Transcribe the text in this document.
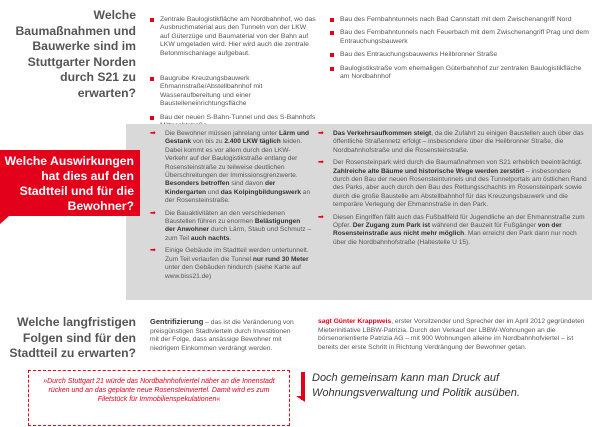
Welche Baumaßnahmen und Bauwerke sind im Stuttgarter Norden durch S21 zu erwarten?
Zentrale Baulogistikfläche am Nordbahnhof, wo das Ausbruchmaterial aus den Tunneln von der LKW auf Güterzüge und Baumaterial von der Bahn auf LKW umgeladen wird. Hier wird auch die zentrale Betonmischanlage aufgebaut.
Baugrube Kreuzungsbauwerk Ehmannstraße/Abstellbahnhof mit Wasseraufbereitung und einer Baustelleneinrichtungsfläche
Bau der neuen S-Bahn-Tunnel und des S-Bahnhofs
Bau des Fernbahntunnels nach Bad Cannstatt mit dem Zwischenangriff Nord
Bau des Fernbahntunnels nach Feuerbach mit dem Zwischenangriff Prag und dem Entrauchungsbauwerk
Bau des Entrauchungsbauwerks Heilbronner Straße
Baulogistikstraße vom ehemaligen Güterbahnhof zur zentralen Baulogistikfläche am Nordbahnhof
Welche Auswirkungen hat dies auf den Stadtteil und für die Bewohner?
➡	Die Bewohner müssen jahrelang unter Lärm und Gestank von bis zu 2.400 LKW täglich leiden. Dabei kommt es vor allem durch den LKW-Verkehr auf der Baulogistikstraße entlang der Rosensteinstraße zu teilweise deutlichen Überschreitungen der Immissionsgrenzwerte. Besonders betroffen sind davon der Kindergarten und das Kolpingbildungswerk an der Rosensteinstraße.
➡	Die Bauaktivitäten an den verschiedenen Baustellen führen zu enormen Belästigungen der Anwohner durch Lärm, Staub und Schmutz – zum Teil auch nachts.
➡	Einige Gebäude im Stadtteil werden untertunnelt. Zum Teil verlaufen die Tunnel nur rund 30 Meter unter den Gebäuden hindurch (siehe Karte auf www.biss21.de)
➡	Das Verkehrsaufkommen steigt, da die Zufahrt zu einigen Baustellen auch über das öffentliche Straßennetz erfolgt – insbesondere über die Heilbronner Straße, die Nordbahnhofstraße und die Rosensteinstraße.
➡	Der Rosensteinpark wird durch die Baumaßnahmen von S21 erheblich beeinträchtigt. Zahlreiche alte Bäume und historische Wege werden zerstört – insbesondere durch den Bau der neuen Rosensteintunnels und des Tunnelportals am östlichen Rand des Parks, aber auch durch den Bau des Rettungsschachts im Rosensteinpark sowie durch die große Baustelle am Abstellbahnhof für das Kreuzungsbauwerk und die temporäre Verlegung der Ehmannstraße in den Park.
➡	Diesen Eingriffen fällt auch das Fußballfeld für Jugendliche an der Ehmannstraße zum Opfer. Der Zugang zum Park ist während der Bauzeit für Fußgänger von der Rosensteinstraße aus nicht mehr möglich. Man erreicht den Park dann nur noch über die Nordbahnhofstraße (Haltestelle U 15).
Welche langfristigen Folgen sind für den Stadtteil zu erwarten?
Gentrifizierung – das ist die Veränderung von preisgünstigen Stadtvierteln durch Investitionen mit der Folge, dass ansässige Bewohner mit niedrigem Einkommen verdrängt werden.
sagt Günter Krappweis, erster Vorsitzender und Sprecher der im April 2012 gegründeten Mieterinitiative LBBW-Patrizia. Durch den Verkauf der LBBW-Wohnungen an die börsenorientierte Patrizia AG – mit 900 Wohnungen alleine im Nordbahnhofviertel – ist bereits der erste Schritt in Richtung Verdrängung der Bewohner getan.
»Durch Stuttgart 21 würde das Nordbahnhofviertel näher an die Innenstadt rücken und an das geplante neue Rosensteinviertel. Damit wird es zum Filetstück für Immobilienspekulationen«
Doch gemeinsam kann man Druck auf Wohnungsverwaltung und Politik ausüben.
